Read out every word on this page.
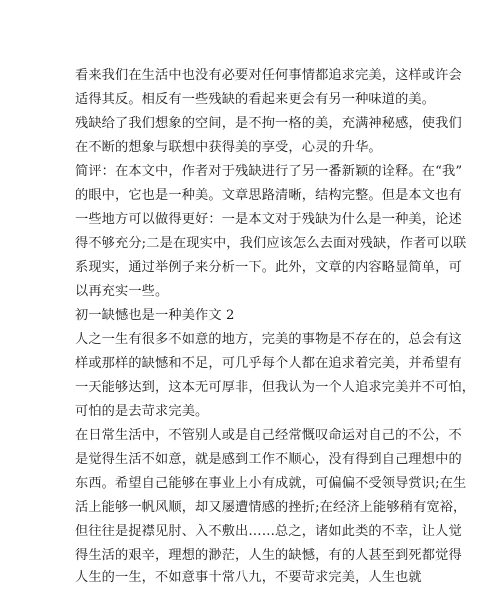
看来我们在生活中也没有必要对任何事情都追求完美，这样或许会
适得其反。相反有一些残缺的看起来更会有另一种味道的美。
残缺给了我们想象的空间，是不拘一格的美，充满神秘感，使我们
在不断的想象与联想中获得美的享受，心灵的升华。
简评：在本文中，作者对于残缺进行了另一番新颖的诠释。在“我”
的眼中，它也是一种美。文章思路清晰，结构完整。但是本文也有
一些地方可以做得更好：一是本文对于残缺为什么是一种美，论述
得不够充分;二是在现实中，我们应该怎么去面对残缺，作者可以联
系现实，通过举例子来分析一下。此外，文章的内容略显简单，可
以再充实一些。
初一缺憾也是一种美作文 2
人之一生有很多不如意的地方，完美的事物是不存在的，总会有这
样或那样的缺憾和不足，可几乎每个人都在追求着完美，并希望有
一天能够达到，这本无可厚非，但我认为一个人追求完美并不可怕，
可怕的是去苛求完美。
在日常生活中，不管别人或是自己经常慨叹命运对自己的不公，不
是觉得生活不如意，就是感到工作不顺心，没有得到自己理想中的
东西。希望自己能够在事业上小有成就，可偏偏不受领导赏识;在生
活上能够一帆风顺，却又屡遭情感的挫折;在经济上能够稍有宽裕，
但往往是捉襟见肘、入不敷出……总之，诸如此类的不幸，让人觉
得生活的艰辛，理想的渺茫，人生的缺憾，有的人甚至到死都觉得
人生的一生，不如意事十常八九，不要苛求完美，人生也就
